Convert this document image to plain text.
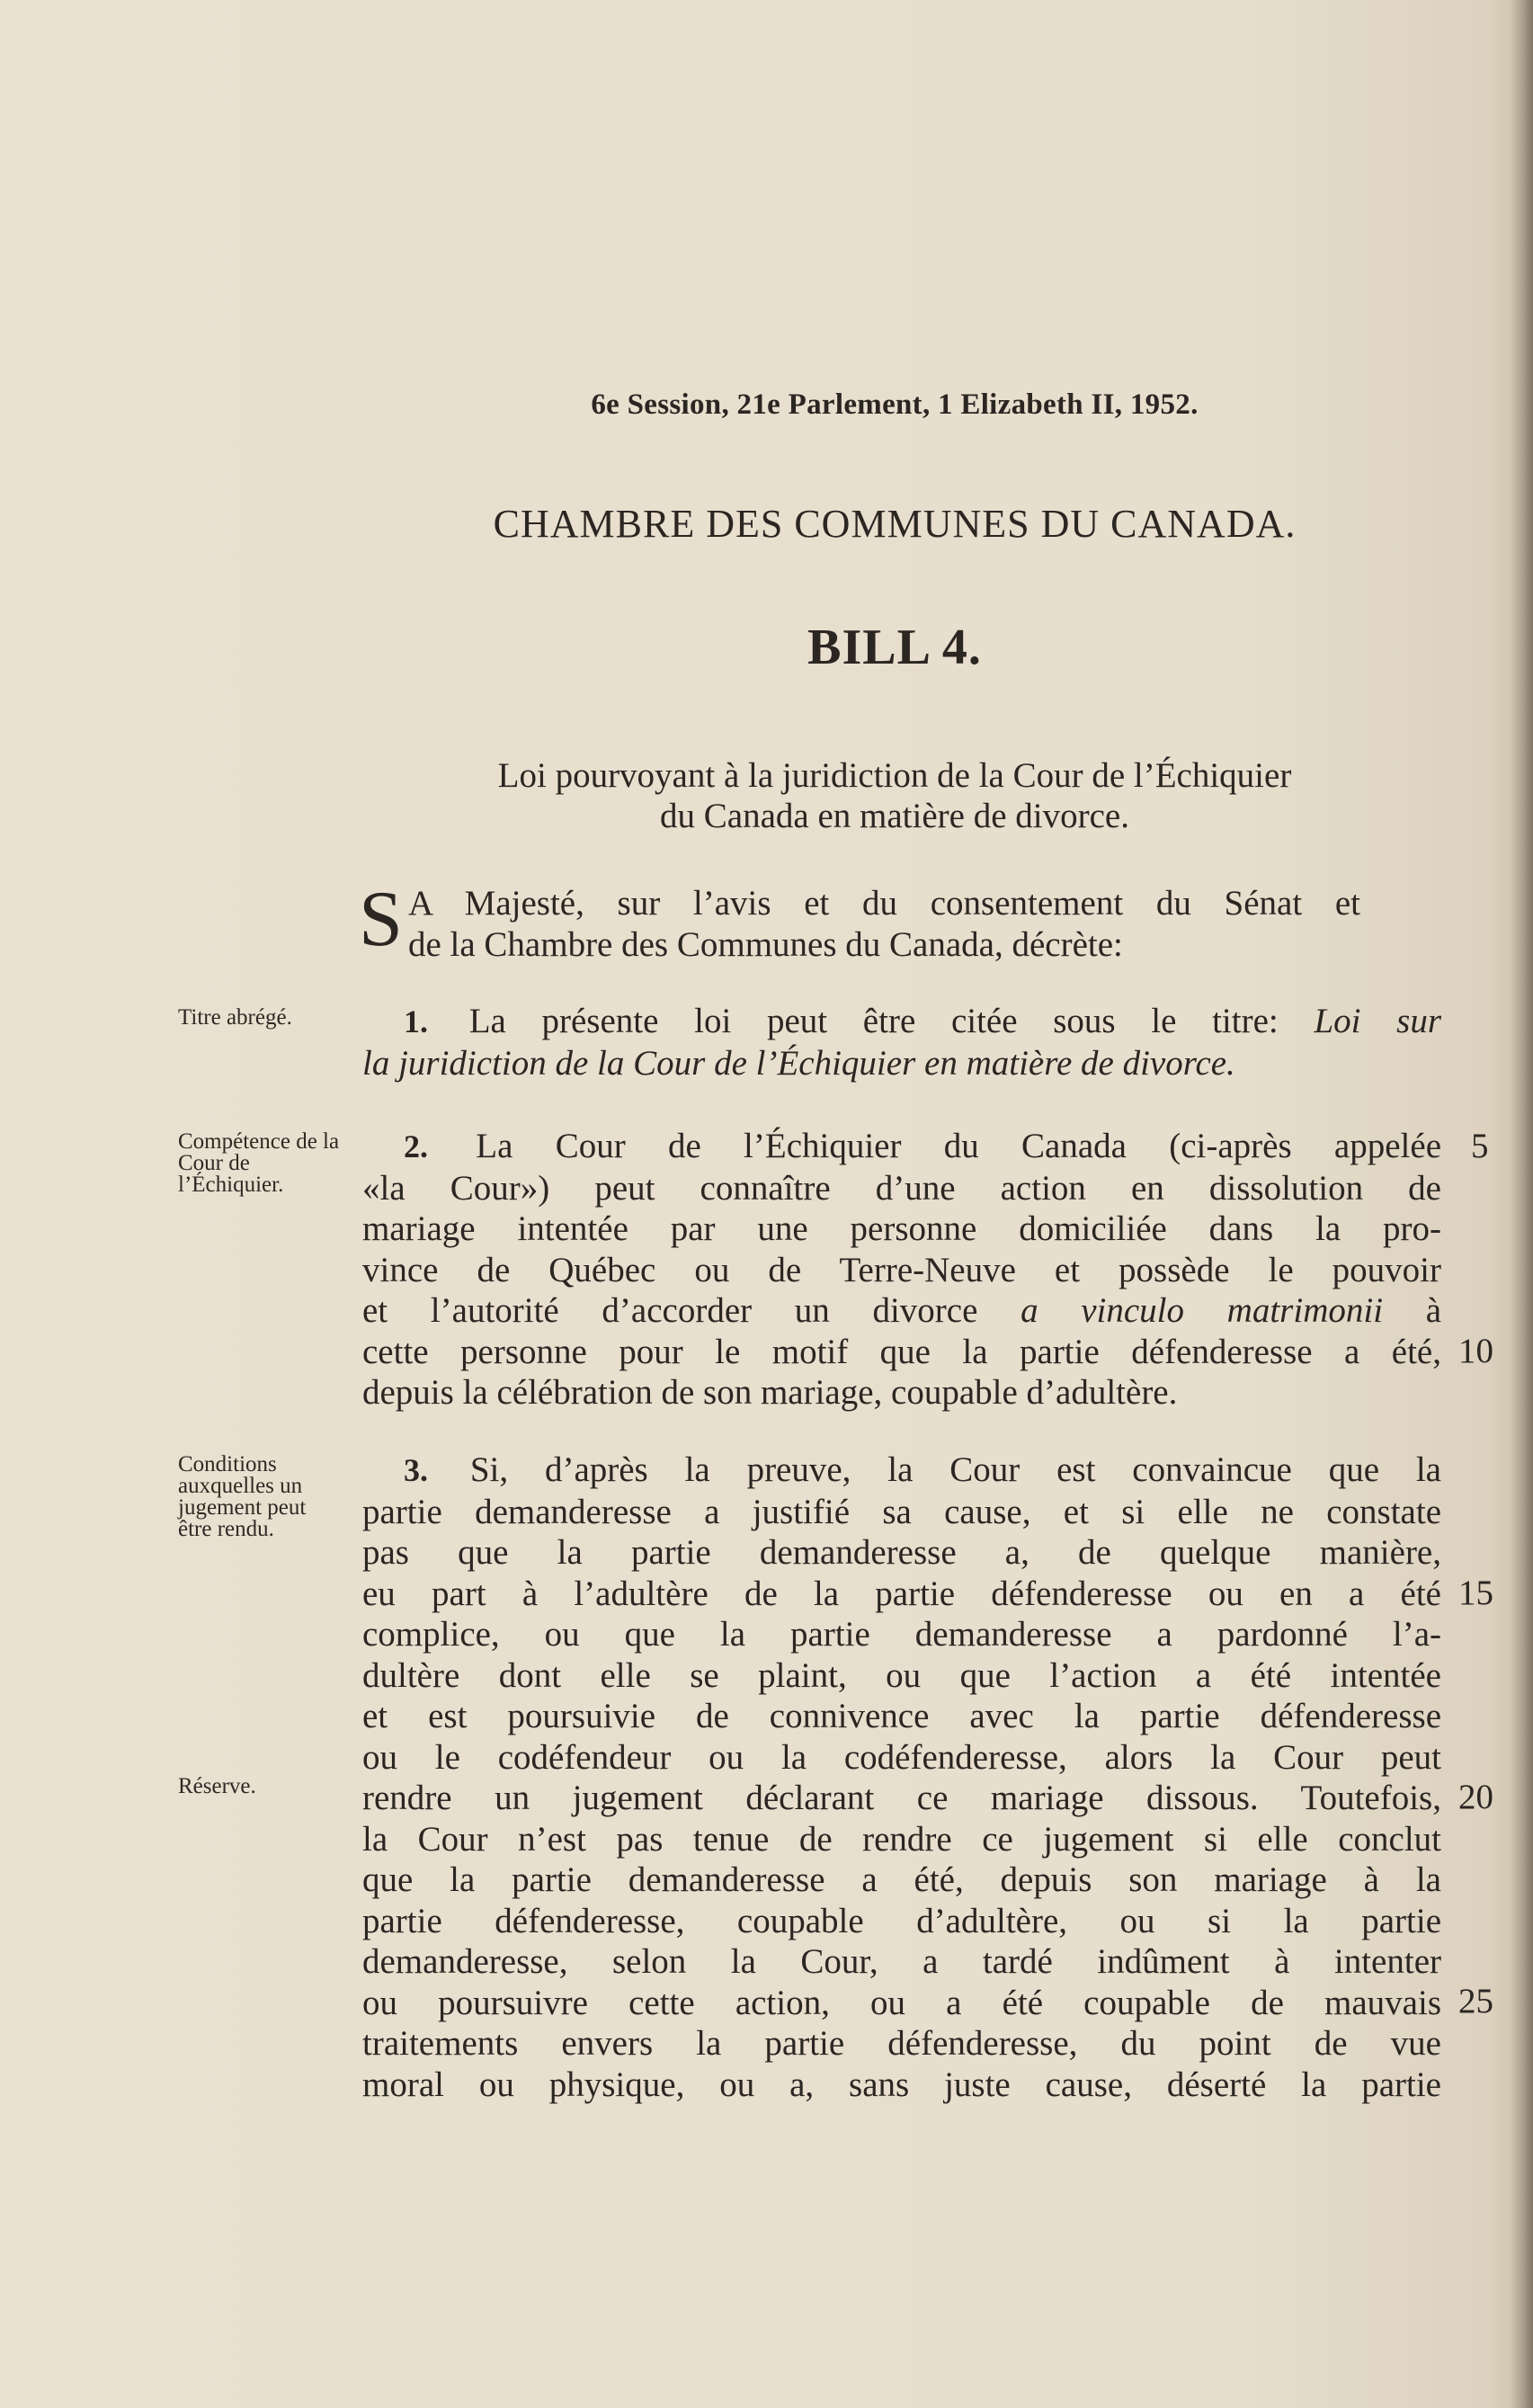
6e Session, 21e Parlement, 1 Elizabeth II, 1952.
CHAMBRE DES COMMUNES DU CANADA.
BILL 4.
Loi pourvoyant à la juridiction de la Cour de l’Échiquier
du Canada en matière de divorce.
S A Majesté, sur l’avis et du consentement du Sénat et
de la Chambre des Communes du Canada, décrète:
Titre abrégé.	1. La présente loi peut être citée sous le titre: Loi sur
la juridiction de la Cour de l’Échiquier en matière de divorce.
Compétence de la Cour de l’Échiquier.
2. La Cour de l’Échiquier du Canada (ci-après appelée
«la Cour») peut connaître d’une action en dissolution de
mariage intentée par une personne domiciliée dans la pro-
vince de Québec ou de Terre-Neuve et possède le pouvoir
et l’autorité d’accorder un divorce a vinculo matrimonii à
cette personne pour le motif que la partie défenderesse a été,
depuis la célébration de son mariage, coupable d’adultère.
Conditions auxquelles un jugement peut être rendu.
Réserve.
3. Si, d’après la preuve, la Cour est convaincue que la
partie demanderesse a justifié sa cause, et si elle ne constate
pas que la partie demanderesse a, de quelque manière,
eu part à l’adultère de la partie défenderesse ou en a été
complice, ou que la partie demanderesse a pardonné l’a-
dultère dont elle se plaint, ou que l’action a été intentée
et est poursuivie de connivence avec la partie défenderesse
ou le codéfendeur ou la codéfenderesse, alors la Cour peut
rendre un jugement déclarant ce mariage dissous. Toutefois,
la Cour n’est pas tenue de rendre ce jugement si elle conclut
que la partie demanderesse a été, depuis son mariage à la
partie défenderesse, coupable d’adultère, ou si la partie
demanderesse, selon la Cour, a tardé indûment à intenter
ou poursuivre cette action, ou a été coupable de mauvais
traitements envers la partie défenderesse, du point de vue
moral ou physique, ou a, sans juste cause, déserté la partie
5
10
15
20
25
